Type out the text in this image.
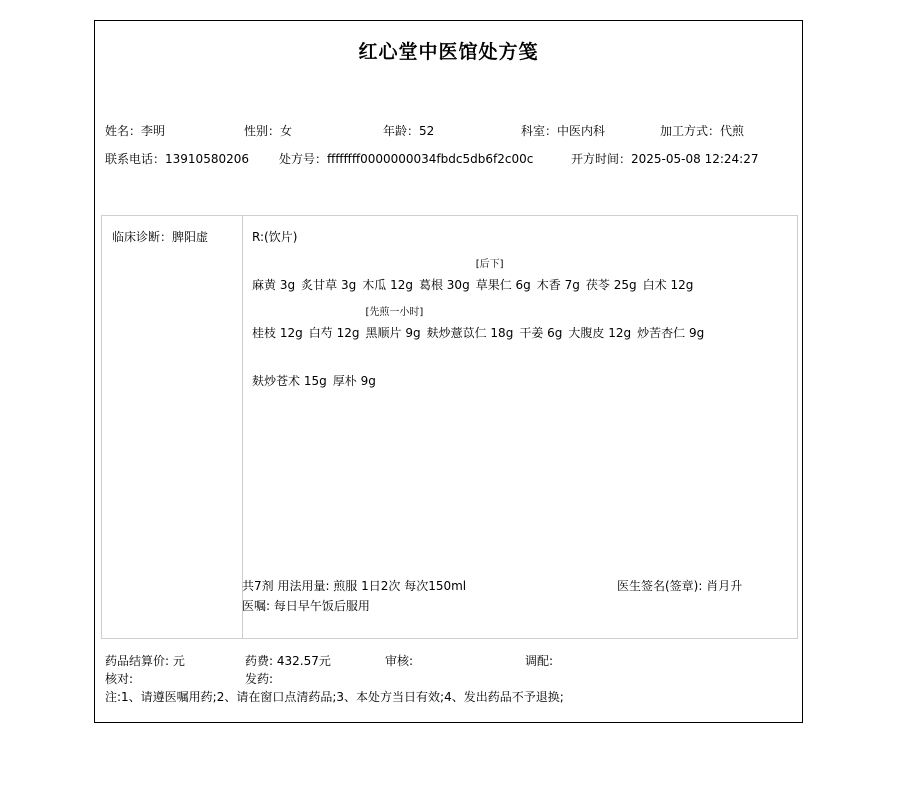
红心堂中医馆处方笺
姓名：李明	性别：女	年龄：52	科室：中医内科	加工方式：代煎
联系电话：13910580206	处方号：ffffffff0000000034fbdc5db6f2c00c	开方时间：2025-05-08 12:24:27
临床诊断：脾阳虚	R:(饮片)
麻黄 3g 炙甘草 3g 木瓜 12g 葛根 30g
[后下]
草果仁 6g 木香 7g 茯苓 25g 白术 12g
桂枝 12g 白芍 12g
[先煎一小时]
黑顺片 9g 麸炒薏苡仁 18g 干姜 6g 大腹皮 12g 炒苦杏仁 9g
麸炒苍术 15g 厚朴 9g
共7剂 用法用量: 煎服 1日2次 每次150ml
医嘱: 每日早午饭后服用
医生签名(签章): 肖月升
药品结算价: 元	药费: 432.57元	审核:	调配:
核对:	发药:
注:1、请遵医嘱用药;2、请在窗口点清药品;3、本处方当日有效;4、发出药品不予退换;
